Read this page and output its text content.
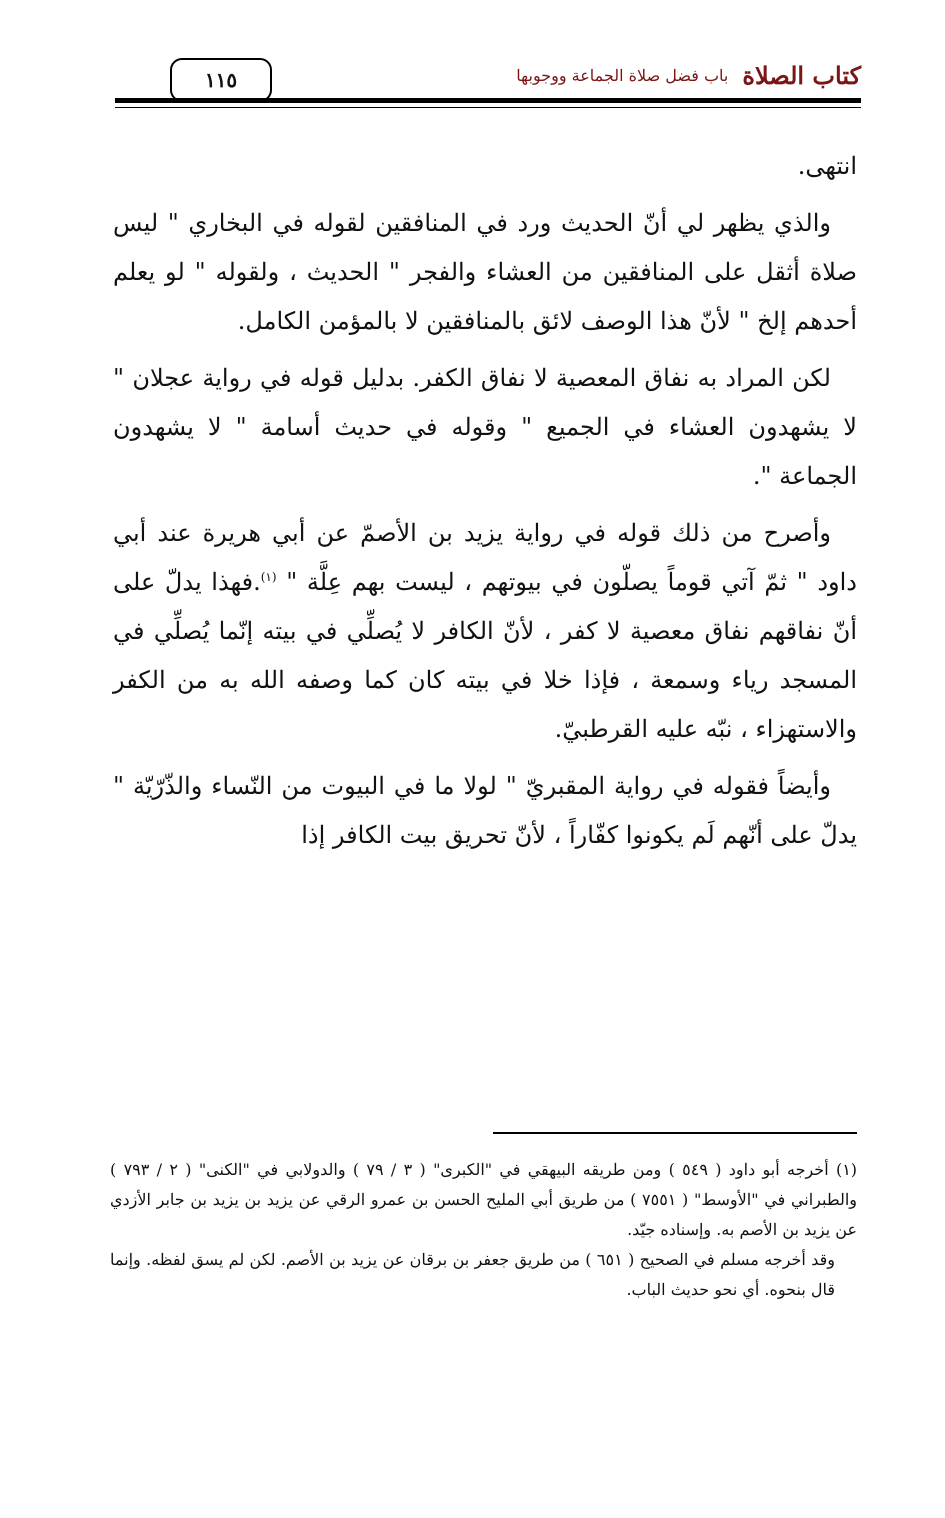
١١٥	كتاب الصلاة
باب فضل صلاة الجماعة ووجوبها

انتهى.

والذي يظهر لي أنّ الحديث ورد في المنافقين لقوله في البخاري " ليس صلاة أثقل على المنافقين من العشاء والفجر " الحديث ، ولقوله " لو يعلم أحدهم إلخ " لأنّ هذا الوصف لائق بالمنافقين لا بالمؤمن الكامل.

لكن المراد به نفاق المعصية لا نفاق الكفر. بدليل قوله في رواية عجلان " لا يشهدون العشاء في الجميع " وقوله في حديث أسامة " لا يشهدون الجماعة ".

وأصرح من ذلك قوله في رواية يزيد بن الأصمّ عن أبي هريرة عند أبي داود " ثمّ آتي قوماً يصلّون في بيوتهم ، ليست بهم عِلَّة " $^{(١)}$.فهذا يدلّ على أنّ نفاقهم نفاق معصية لا كفر ، لأنّ الكافر لا يُصلِّي في بيته إنّما يُصلِّي في المسجد رياء وسمعة ، فإذا خلا في بيته كان كما وصفه الله به من الكفر والاستهزاء ، نبّه عليه القرطبيّ.

وأيضاً فقوله في رواية المقبريّ " لولا ما في البيوت من النّساء والذّرّيّة " يدلّ على أنّهم لَم يكونوا كفّاراً ، لأنّ تحريق بيت الكافر إذا

(١) أخرجه أبو داود ( ٥٤٩ ) ومن طريقه البيهقي في "الكبرى" ( ٣ / ٧٩ ) والدولابي في "الكنى" ( ٢ / ٧٩٣ ) والطبراني في "الأوسط" ( ٧٥٥١ ) من طريق أبي المليح الحسن بن عمرو الرقي عن يزيد بن يزيد بن جابر الأزدي عن يزيد بن الأصم به. وإسناده جيّد.

وقد أخرجه مسلم في الصحيح ( ٦٥١ ) من طريق جعفر بن برقان عن يزيد بن الأصم. لكن لم يسق لفظه. وإنما قال بنحوه. أي نحو حديث الباب.
